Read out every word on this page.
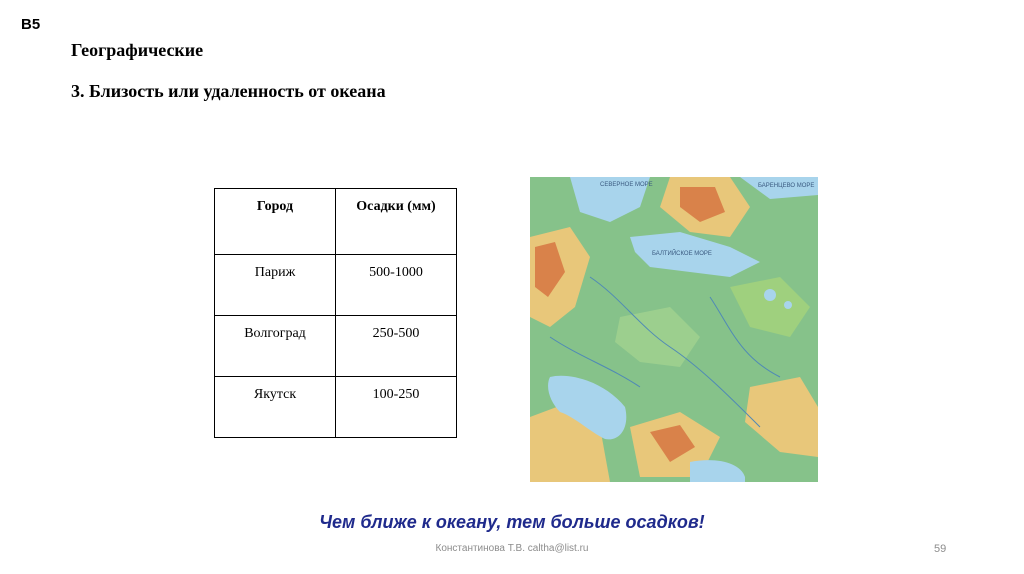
B5
Географические
3. Близость или удаленность от океана
Город	Осадки (мм)
Париж	500-1000
Волгоград	250-500
Якутск	100-250
СЕВЕРНОЕ МОРЕ
БАЛТИЙСКОЕ МОРЕ
БАРЕНЦЕВО МОРЕ
Чем ближе к океану, тем больше осадков!
Константинова Т.В. caltha@list.ru	59
